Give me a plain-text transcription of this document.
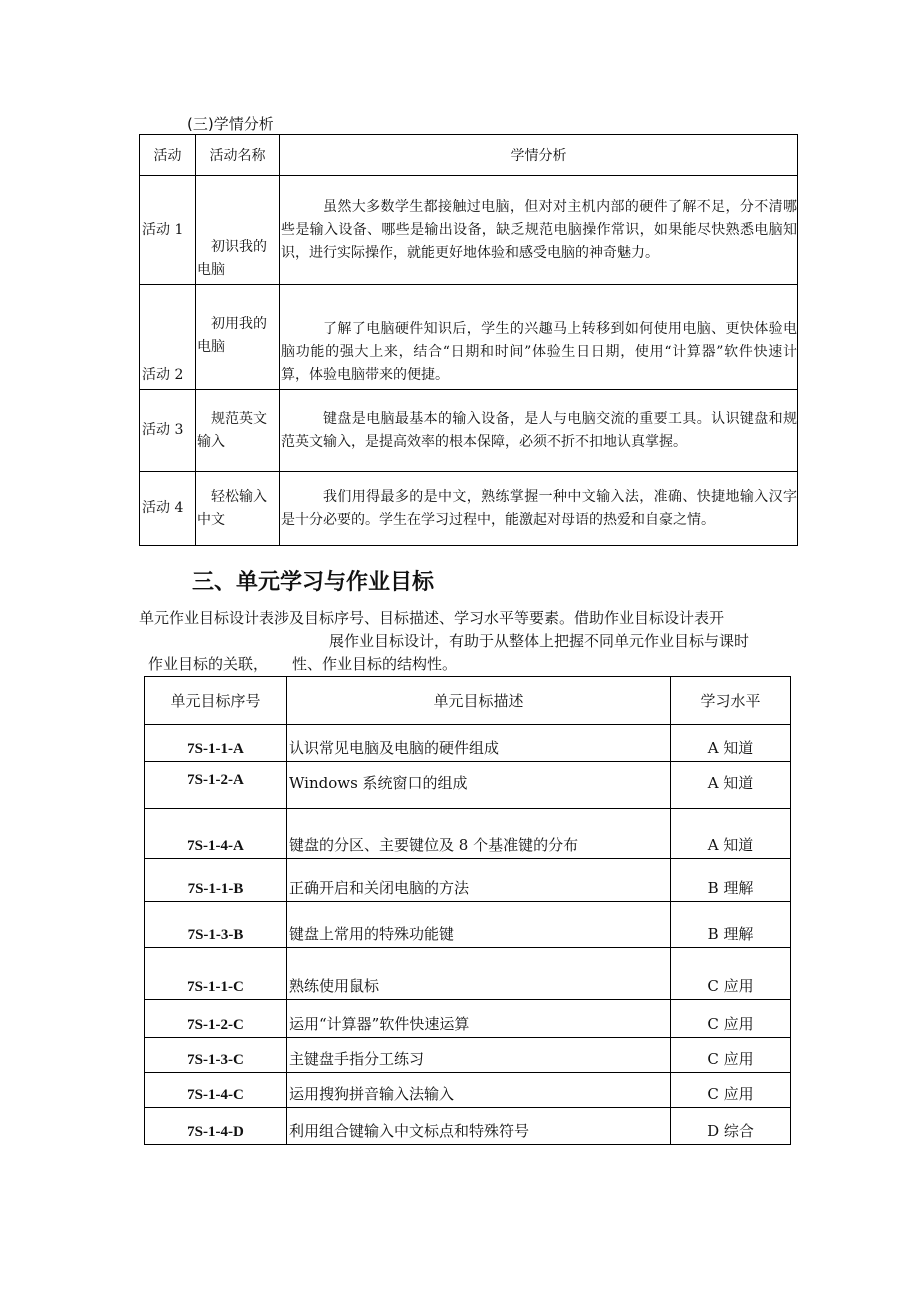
(三)学情分析
活动	活动名称	学情分析
活动 1	初识我的电脑	虽然大多数学生都接触过电脑，但对对主机内部的硬件了解不足，分不清哪些是输入设备、哪些是输出设备，缺乏规范电脑操作常识，如果能尽快熟悉电脑知识，进行实际操作，就能更好地体验和感受电脑的神奇魅力。

活动 2	初用我的电脑	了解了电脑硬件知识后，学生的兴趣马上转移到如何使用电脑、更快体验电脑功能的强大上来，结合“日期和时间”体验生日日期，使用“计算器”软件快速计算，体验电脑带来的便捷。

活动 3	规范英文输入	键盘是电脑最基本的输入设备，是人与电脑交流的重要工具。认识键盘和规范英文输入，是提高效率的根本保障，必须不折不扣地认真掌握。

活动 4	轻松输入中文	我们用得最多的是中文，熟练掌握一种中文输入法，准确、快捷地输入汉字是十分必要的。学生在学习过程中，能激起对母语的热爱和自豪之情。
三、单元学习与作业目标
单元作业目标设计表涉及目标序号、目标描述、学习水平等要素。借助作业目标设计表开
展作业目标设计，有助于从整体上把握不同单元作业目标与课时
作业目标的关联， 性、作业目标的结构性。
单元目标序号	单元目标描述	学习水平
7S-1-1-A	认识常见电脑及电脑的硬件组成	A 知道
7S-1-2-A	Windows 系统窗口的组成	A 知道
7S-1-4-A	键盘的分区、主要键位及 8 个基准键的分布	A 知道
7S-1-1-B	正确开启和关闭电脑的方法	B 理解
7S-1-3-B	键盘上常用的特殊功能键	B 理解
7S-1-1-C	熟练使用鼠标	C 应用
7S-1-2-C	运用“计算器”软件快速运算	C 应用
7S-1-3-C	主键盘手指分工练习	C 应用
7S-1-4-C	运用搜狗拼音输入法输入	C 应用
7S-1-4-D	利用组合键输入中文标点和特殊符号	D 综合
